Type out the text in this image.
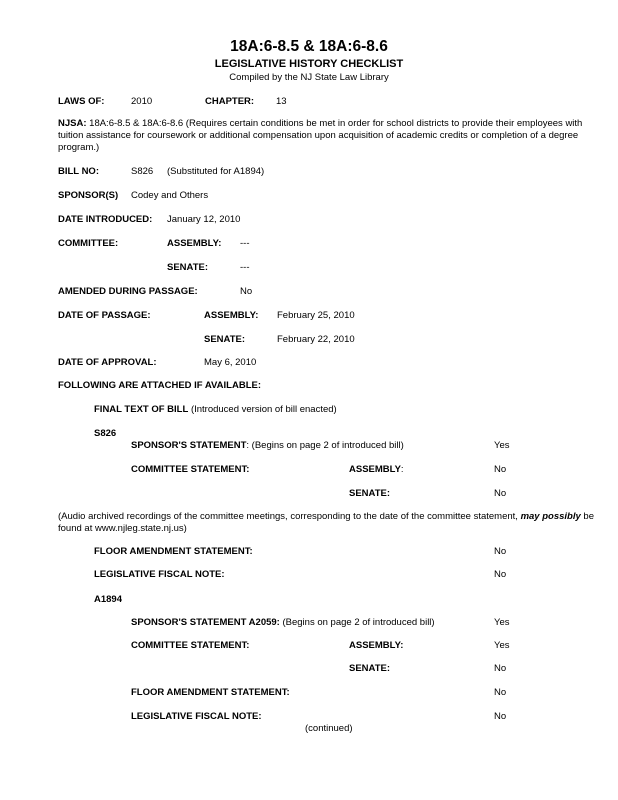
18A:6-8.5 & 18A:6-8.6
LEGISLATIVE HISTORY CHECKLIST
Compiled by the NJ State Law Library
LAWS OF:	2010	CHAPTER: 13
NJSA: 18A:6-8.5 & 18A:6-8.6 (Requires certain conditions be met in order for school districts to provide their employees with tuition assistance for coursework or additional compensation upon acquisition of academic credits or completion of a degree program.)
BILL NO:	S826 (Substituted for A1894)
SPONSOR(S) Codey and Others
DATE INTRODUCED: January 12, 2010
COMMITTEE:	ASSEMBLY: ---
SENATE:	---
AMENDED DURING PASSAGE:	No
DATE OF PASSAGE:	ASSEMBLY: February 25, 2010
SENATE:	February 22, 2010
DATE OF APPROVAL:	May 6, 2010
FOLLOWING ARE ATTACHED IF AVAILABLE:
FINAL TEXT OF BILL (Introduced version of bill enacted)
S826
SPONSOR'S STATEMENT: (Begins on page 2 of introduced bill)	Yes
COMMITTEE STATEMENT:	ASSEMBLY:	No
SENATE:	No
(Audio archived recordings of the committee meetings, corresponding to the date of the committee statement, may possibly be found at www.njleg.state.nj.us)
FLOOR AMENDMENT STATEMENT:	No
LEGISLATIVE FISCAL NOTE:	No
A1894
SPONSOR'S STATEMENT A2059: (Begins on page 2 of introduced bill)	Yes
COMMITTEE STATEMENT:	ASSEMBLY:	Yes
SENATE:	No
FLOOR AMENDMENT STATEMENT:	No
LEGISLATIVE FISCAL NOTE:	No
(continued)
